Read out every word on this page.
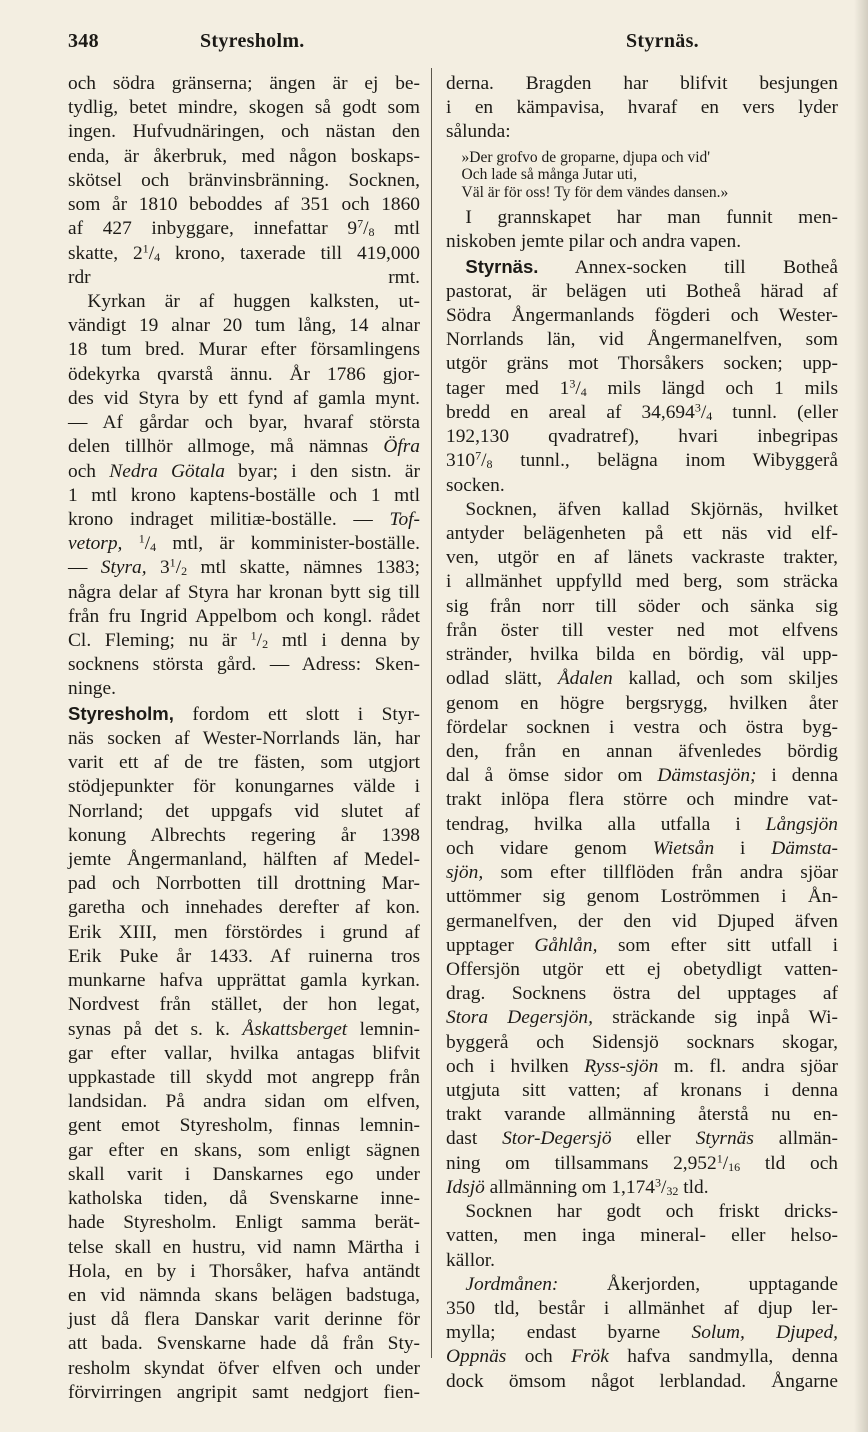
348	Styresholm.	Styrnäs.
och södra gränserna; ängen är ej be-
tydlig, betet mindre, skogen så godt som
ingen. Hufvudnäringen, och nästan den
enda, är åkerbruk, med någon boskaps-
skötsel och bränvinsbränning. Socknen,
som år 1810 beboddes af 351 och 1860
af 427 inbyggare, innefattar $9^7/_8$ mtl
skatte, $2^1/_4$ krono, taxerade till 419,000
rdr rmt.
 Kyrkan är af huggen kalksten, ut-
vändigt 19 alnar 20 tum lång, 14 alnar
18 tum bred. Murar efter församlingens
ödekyrka qvarstå ännu. År 1786 gjor-
des vid Styra by ett fynd af gamla mynt.
— Af gårdar och byar, hvaraf största
delen tillhör allmoge, må nämnas Öfra
och Nedra Götala byar; i den sistn. är
1 mtl krono kaptens-boställe och 1 mtl
krono indraget militiæ-boställe. — Tof-
vetorp, $^1/_4$ mtl, är komminister-boställe.
— Styra, $3^1/_2$ mtl skatte, nämnes 1383;
några delar af Styra har kronan bytt sig till
från fru Ingrid Appelbom och kongl. rådet
Cl. Fleming; nu är $^1/_2$ mtl i denna by
socknens största gård. — Adress: Sken-
ninge.
Styresholm, fordom ett slott i Styr-
näs socken af Wester-Norrlands län, har
varit ett af de tre fästen, som utgjort
stödjepunkter för konungarnes välde i
Norrland; det uppgafs vid slutet af
konung Albrechts regering år 1398
jemte Ångermanland, hälften af Medel-
pad och Norrbotten till drottning Mar-
garetha och innehades derefter af kon.
Erik XIII, men förstördes i grund af
Erik Puke år 1433. Af ruinerna tros
munkarne hafva upprättat gamla kyrkan.
Nordvest från stället, der hon legat,
synas på det s. k. Åskattsberget lemnin-
gar efter vallar, hvilka antagas blifvit
uppkastade till skydd mot angrepp från
landsidan. På andra sidan om elfven,
gent emot Styresholm, finnas lemnin-
gar efter en skans, som enligt sägnen
skall varit i Danskarnes ego under
katholska tiden, då Svenskarne inne-
hade Styresholm. Enligt samma berät-
telse skall en hustru, vid namn Märtha i
Hola, en by i Thorsåker, hafva antändt
en vid nämnda skans belägen badstuga,
just då flera Danskar varit derinne för
att bada. Svenskarne hade då från Sty-
resholm skyndat öfver elfven och under
förvirringen angripit samt nedgjort fien-
derna. Bragden har blifvit besjungen
i en kämpavisa, hvaraf en vers lyder
sålunda:
 »Der grofvo de groparne, djupa och vid'
 Och lade så många Jutar uti,
 Väl är för oss! Ty för dem vändes dansen.»
 I grannskapet har man funnit men-
niskoben jemte pilar och andra vapen.
 Styrnäs. Annex-socken till Botheå
pastorat, är belägen uti Botheå härad af
Södra Ångermanlands fögderi och Wester-
Norrlands län, vid Ångermanelfven, som
utgör gräns mot Thorsåkers socken; upp-
tager med $1^3/_4$ mils längd och 1 mils
bredd en areal af $34,694^3/_4$ tunnl. (eller
192,130 qvadratref), hvari inbegripas
$310^7/_8$ tunnl., belägna inom Wibyggerå
socken.
 Socknen, äfven kallad Skjörnäs, hvilket
antyder belägenheten på ett näs vid elf-
ven, utgör en af länets vackraste trakter,
i allmänhet uppfylld med berg, som sträcka
sig från norr till söder och sänka sig
från öster till vester ned mot elfvens
stränder, hvilka bilda en bördig, väl upp-
odlad slätt, Ådalen kallad, och som skiljes
genom en högre bergsrygg, hvilken åter
fördelar socknen i vestra och östra byg-
den, från en annan äfvenledes bördig
dal å ömse sidor om Dämstasjön; i denna
trakt inlöpa flera större och mindre vat-
tendrag, hvilka alla utfalla i Långsjön
och vidare genom Wietsån i Dämsta-
sjön, som efter tillflöden från andra sjöar
uttömmer sig genom Loströmmen i Ån-
germanelfven, der den vid Djuped äfven
upptager Gåhlån, som efter sitt utfall i
Offersjön utgör ett ej obetydligt vatten-
drag. Socknens östra del upptages af
Stora Degersjön, sträckande sig inpå Wi-
byggerå och Sidensjö socknars skogar,
och i hvilken Ryss-sjön m. fl. andra sjöar
utgjuta sitt vatten; af kronans i denna
trakt varande allmänning återstå nu en-
dast Stor-Degersjö eller Styrnäs allmän-
ning om tillsammans $2,952^1/_{16}$ tld och
Idsjö allmänning om $1,174^3/_{32}$ tld.
 Socknen har godt och friskt dricks-
vatten, men inga mineral- eller helso-
källor.
 Jordmånen: Åkerjorden, upptagande
350 tld, består i allmänhet af djup ler-
mylla; endast byarne Solum, Djuped,
Oppnäs och Frök hafva sandmylla, denna
dock ömsom något lerblandad. Ångarne
